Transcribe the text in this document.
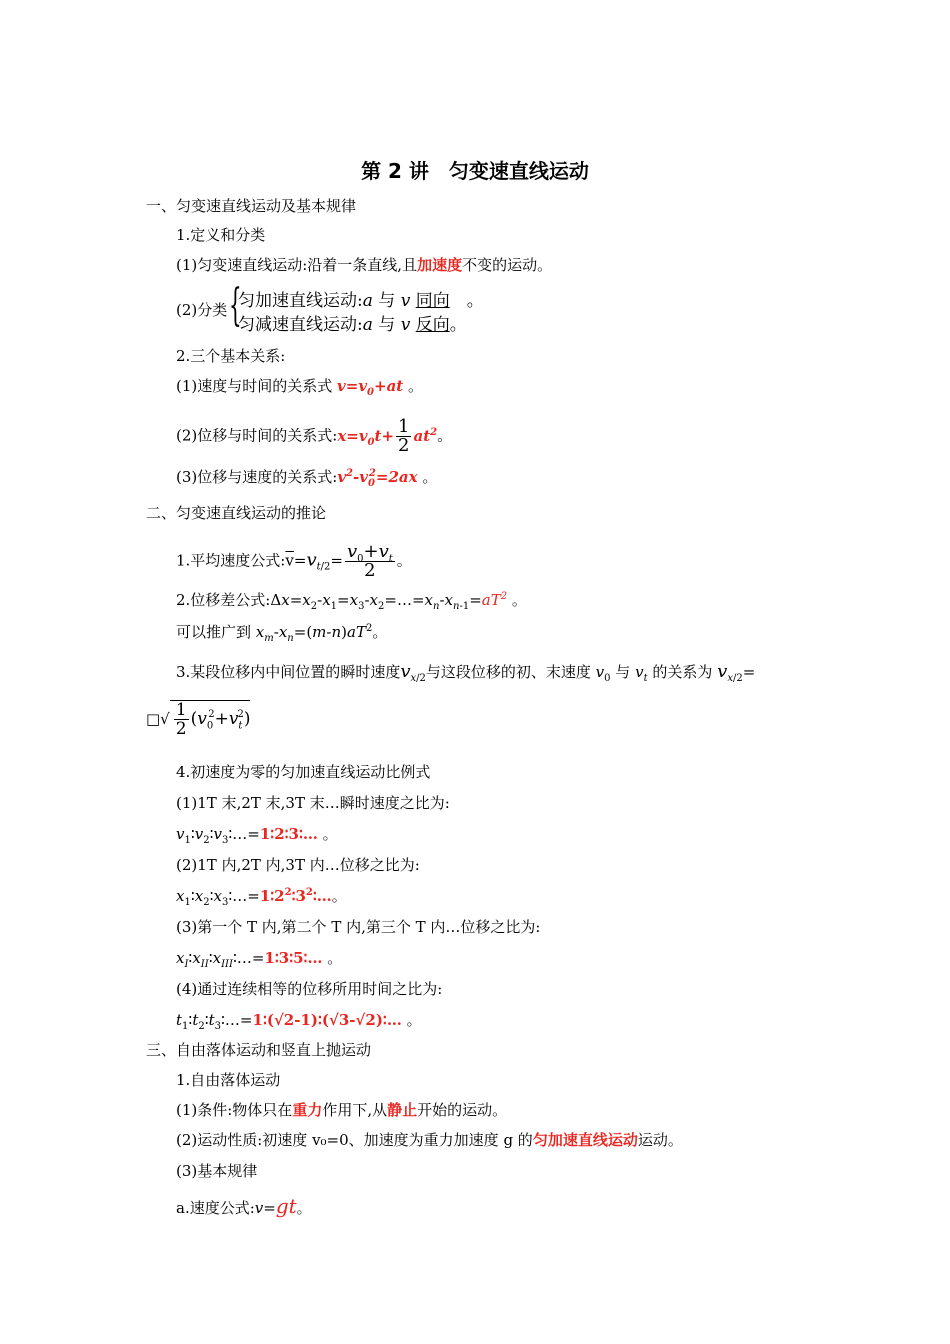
第 2 讲　匀变速直线运动
一、匀变速直线运动及基本规律
1.定义和分类
(1)匀变速直线运动:沿着一条直线,且加速度不变的运动。
(2)分类 {
匀加速直线运动:a 与 v 同向　。
匀减速直线运动:a 与 v 反向。
2.三个基本关系:
(1)速度与时间的关系式 $v=v_0+at$ 。
(2)位移与时间的关系式$:x=v_0t+ \frac{1}{2} at^2$。
(3)位移与速度的关系式$:v^2-v_0^2=2ax$ 。
二、匀变速直线运动的推论
1.平均速度公式$:\overline{v}=v_{t/2}= \frac{v_0+v_t}{2}$ 。
2.位移差公式$:\Delta x=x_2-x_1=x_3-x_2=\dots=x_n-x_{n-1}=aT^2$ 。
可以推广到 $x_m-x_n=(m-n)aT^2$。
3.某段位移内中间位置的瞬时速度$v_{x/2}$与这段位移的初、末速度 $v_0$ 与 $v_t$ 的关系为 $v_{x/2}=$
□√ $\frac{1}{2} (v_0^2+v_t^2)$
4.初速度为零的匀加速直线运动比例式
(1)1T 末,2T 末,3T 末…瞬时速度之比为:
$v_1∶v_2∶v_3∶\dots=1∶2∶3∶\dots$ 。
(2)1T 内,2T 内,3T 内…位移之比为:
$x_1∶x_2∶x_3∶\dots=1∶2^2∶3^2∶\dots$。
(3)第一个 T 内,第二个 T 内,第三个 T 内…位移之比为:
$x_I∶x_{II}∶x_{III}∶\dots=1∶3∶5∶\dots$ 。
(4)通过连续相等的位移所用时间之比为:
$t_1∶t_2∶t_3∶\dots=1∶(√2-1)∶(√3-√2)∶\dots$ 。
三、自由落体运动和竖直上抛运动
1.自由落体运动
(1)条件:物体只在重力作用下,从静止开始的运动。
(2)运动性质:初速度 v₀=0、加速度为重力加速度 g 的匀加速直线运动运动。
(3)基本规律
a.速度公式:v=gt。
